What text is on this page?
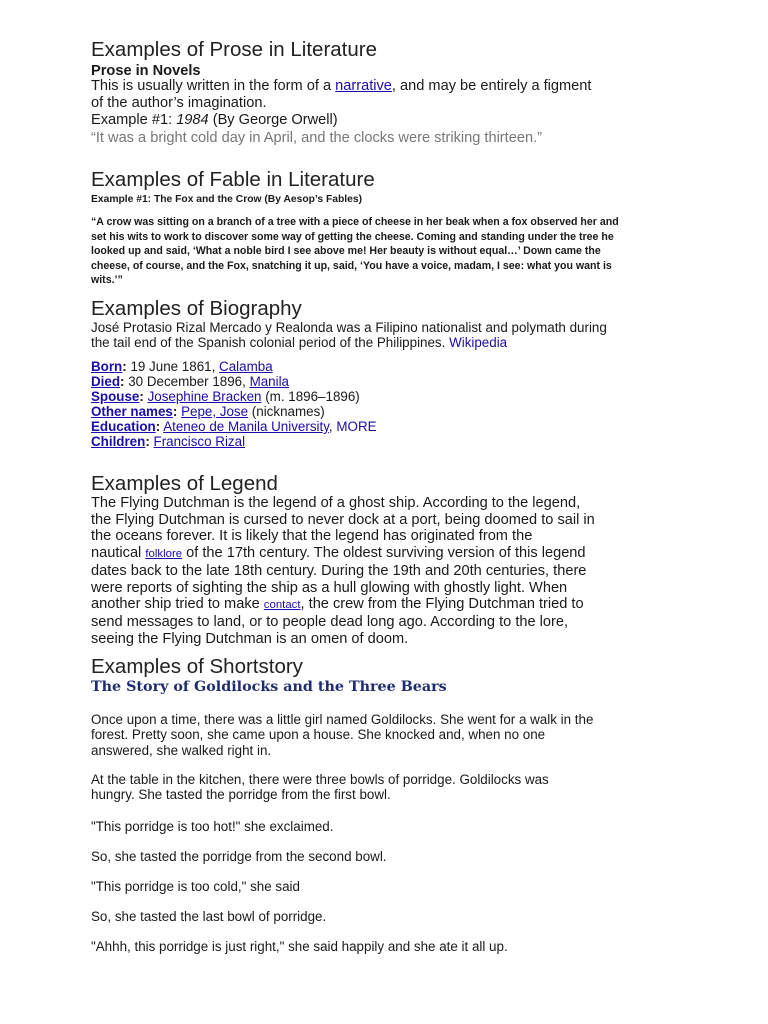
Examples of Prose in Literature
Prose in Novels
This is usually written in the form of a narrative, and may be entirely a figment
of the author’s imagination.
Example #1: 1984 (By George Orwell)
“It was a bright cold day in April, and the clocks were striking thirteen.”
Examples of Fable in Literature
Example #1: The Fox and the Crow (By Aesop’s Fables)
“A crow was sitting on a branch of a tree with a piece of cheese in her beak when a fox observed her and
set his wits to work to discover some way of getting the cheese. Coming and standing under the tree he
looked up and said, ‘What a noble bird I see above me! Her beauty is without equal…’ Down came the
cheese, of course, and the Fox, snatching it up, said, ‘You have a voice, madam, I see: what you want is
wits.’”
Examples of Biography
José Protasio Rizal Mercado y Realonda was a Filipino nationalist and polymath during
the tail end of the Spanish colonial period of the Philippines. Wikipedia
Born: 19 June 1861, Calamba
Died: 30 December 1896, Manila
Spouse: Josephine Bracken (m. 1896–1896)
Other names: Pepe, Jose (nicknames)
Education: Ateneo de Manila University, MORE
Children: Francisco Rizal
Examples of Legend
The Flying Dutchman is the legend of a ghost ship. According to the legend,
the Flying Dutchman is cursed to never dock at a port, being doomed to sail in
the oceans forever. It is likely that the legend has originated from the
nautical folklore of the 17th century. The oldest surviving version of this legend
dates back to the late 18th century. During the 19th and 20th centuries, there
were reports of sighting the ship as a hull glowing with ghostly light. When
another ship tried to make contact, the crew from the Flying Dutchman tried to
send messages to land, or to people dead long ago. According to the lore,
seeing the Flying Dutchman is an omen of doom.
Examples of Shortstory
The Story of Goldilocks and the Three Bears
Once upon a time, there was a little girl named Goldilocks. She went for a walk in the
forest. Pretty soon, she came upon a house. She knocked and, when no one
answered, she walked right in.
At the table in the kitchen, there were three bowls of porridge. Goldilocks was
hungry. She tasted the porridge from the first bowl.
"This porridge is too hot!" she exclaimed.
So, she tasted the porridge from the second bowl.
"This porridge is too cold," she said
So, she tasted the last bowl of porridge.
"Ahhh, this porridge is just right," she said happily and she ate it all up.
